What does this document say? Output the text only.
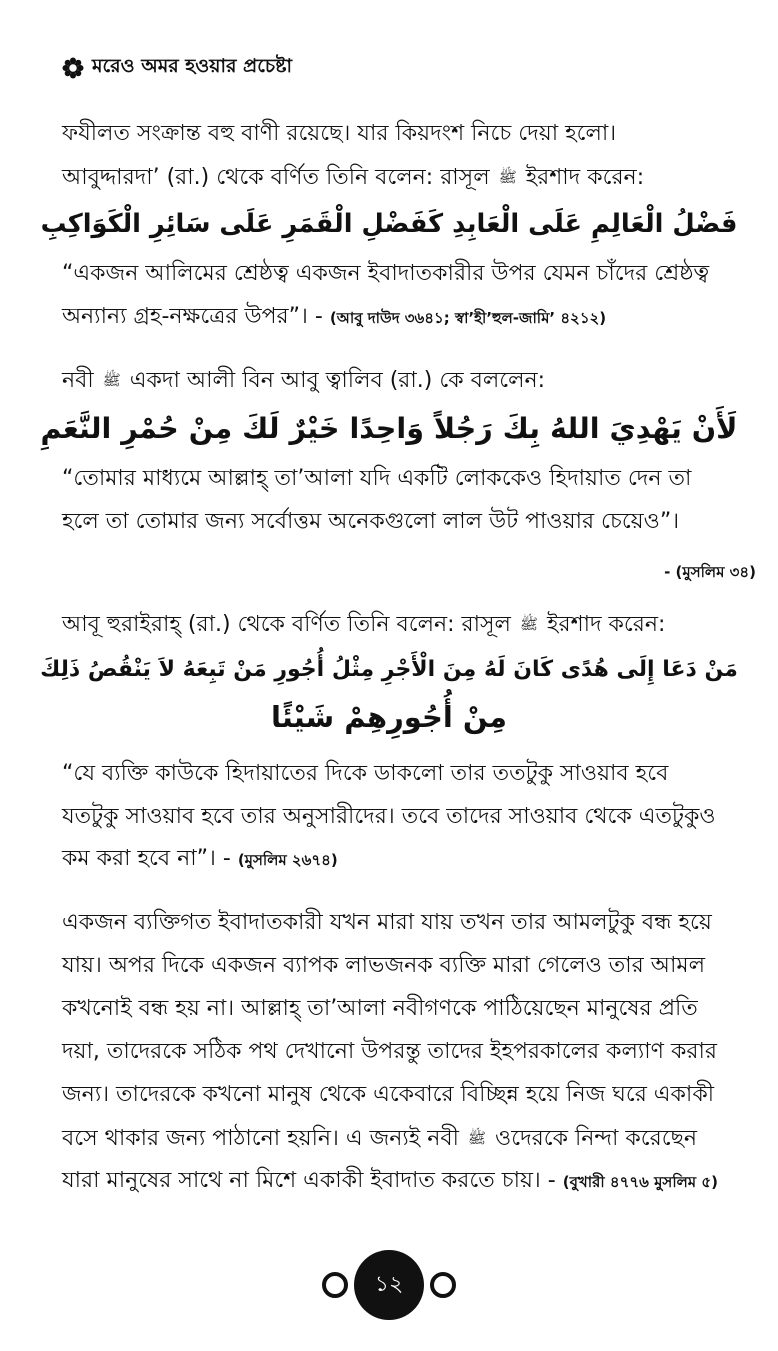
মরেও অমর হওয়ার প্রচেষ্টা
ফযীলত সংক্রান্ত বহু বাণী রয়েছে। যার কিয়দংশ নিচে দেয়া হলো।
আবুদ্দারদা’ (রা.) থেকে বর্ণিত তিনি বলেন: রাসূল ﷺ ইরশাদ করেন:
فَضْلُ الْعَالِمِ عَلَى الْعَابِدِ كَفَضْلِ الْقَمَرِ عَلَى سَائِرِ الْكَوَاكِبِ
“একজন আলিমের শ্রেষ্ঠত্ব একজন ইবাদাতকারীর উপর যেমন চাঁদের শ্রেষ্ঠত্ব
অন্যান্য গ্রহ-নক্ষত্রের উপর”। - (আবু দাউদ ৩৬৪১; স্বা’হী’হুল-জামি’ ৪২১২)
নবী ﷺ একদা আলী বিন আবু ত্বালিব (রা.) কে বললেন:
لَأَنْ يَهْدِيَ اللهُ بِكَ رَجُلاً وَاحِدًا خَيْرٌ لَكَ مِنْ حُمْرِ النَّعَمِ
“তোমার মাধ্যমে আল্লাহ্ তা’আলা যদি একটি লোককেও হিদায়াত দেন তা
হলে তা তোমার জন্য সর্বোত্তম অনেকগুলো লাল উট পাওয়ার চেয়েও”।
- (মুসলিম ৩৪)
আবূ হুরাইরাহ্ (রা.) থেকে বর্ণিত তিনি বলেন: রাসূল ﷺ ইরশাদ করেন:
مَنْ دَعَا إِلَى هُدًى كَانَ لَهُ مِنَ الْأَجْرِ مِثْلُ أُجُورِ مَنْ تَبِعَهُ لاَ يَنْقُصُ ذَلِكَ
مِنْ أُجُورِهِمْ شَيْئًا
“যে ব্যক্তি কাউকে হিদায়াতের দিকে ডাকলো তার ততটুকু সাওয়াব হবে
যতটুকু সাওয়াব হবে তার অনুসারীদের। তবে তাদের সাওয়াব থেকে এতটুকুও
কম করা হবে না”। - (মুসলিম ২৬৭৪)
একজন ব্যক্তিগত ইবাদাতকারী যখন মারা যায় তখন তার আমলটুকু বন্ধ হয়ে
যায়। অপর দিকে একজন ব্যাপক লাভজনক ব্যক্তি মারা গেলেও তার আমল
কখনোই বন্ধ হয় না। আল্লাহ্ তা’আলা নবীগণকে পাঠিয়েছেন মানুষের প্রতি
দয়া, তাদেরকে সঠিক পথ দেখানো উপরন্তু তাদের ইহপরকালের কল্যাণ করার
জন্য। তাদেরকে কখনো মানুষ থেকে একেবারে বিচ্ছিন্ন হয়ে নিজ ঘরে একাকী
বসে থাকার জন্য পাঠানো হয়নি। এ জন্যই নবী ﷺ ওদেরকে নিন্দা করেছেন
যারা মানুষের সাথে না মিশে একাকী ইবাদাত করতে চায়। - (বুখারী ৪৭৭৬ মুসলিম ৫)
১২
